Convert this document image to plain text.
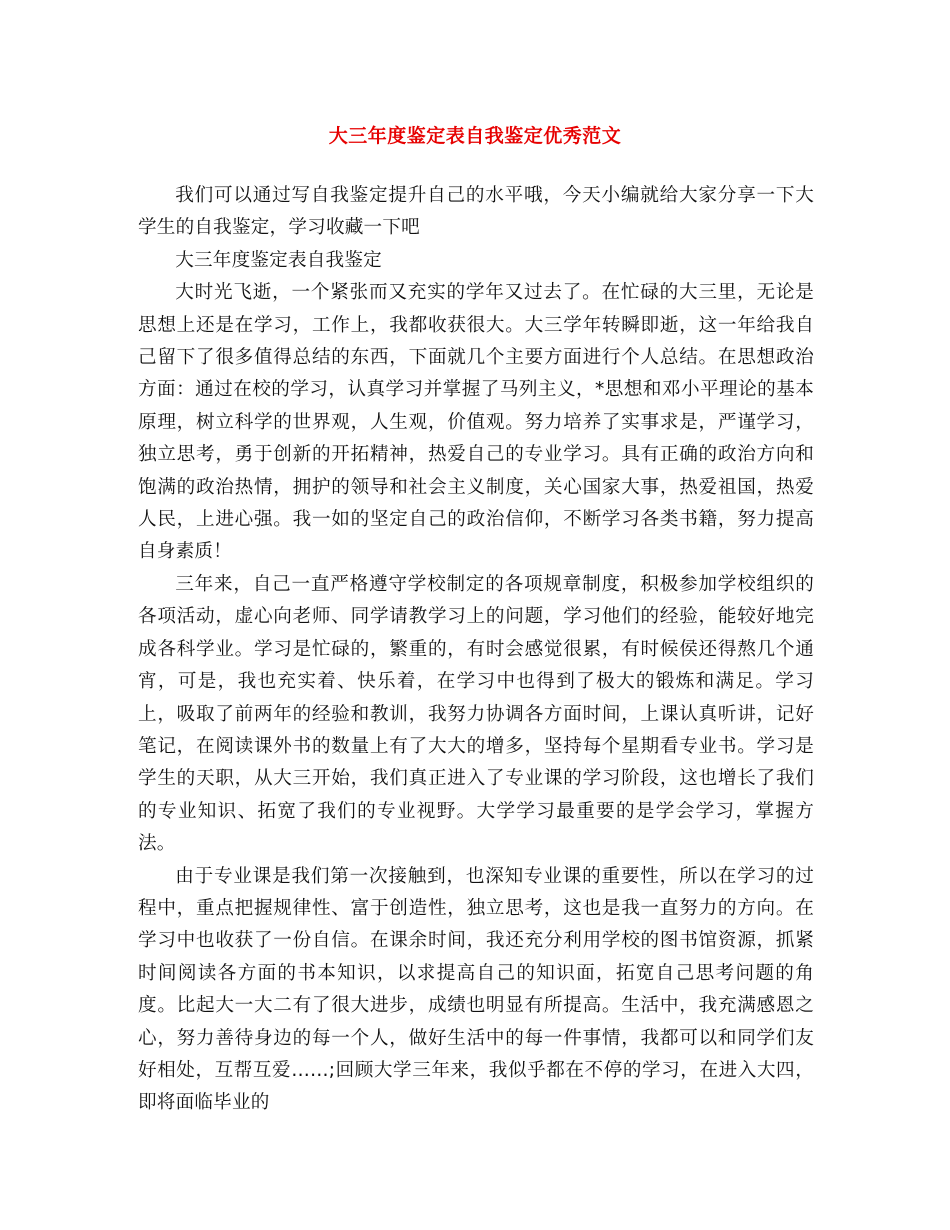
大三年度鉴定表自我鉴定优秀范文

我们可以通过写自我鉴定提升自己的水平哦，今天小编就给大家分享一下大学生的自我鉴定，学习收藏一下吧

大三年度鉴定表自我鉴定

大时光飞逝，一个紧张而又充实的学年又过去了。在忙碌的大三里，无论是思想上还是在学习，工作上，我都收获很大。大三学年转瞬即逝，这一年给我自己留下了很多值得总结的东西，下面就几个主要方面进行个人总结。在思想政治方面：通过在校的学习，认真学习并掌握了马列主义，*思想和邓小平理论的基本原理，树立科学的世界观，人生观，价值观。努力培养了实事求是，严谨学习，独立思考，勇于创新的开拓精神，热爱自己的专业学习。具有正确的政治方向和饱满的政治热情，拥护的领导和社会主义制度，关心国家大事，热爱祖国，热爱人民，上进心强。我一如的坚定自己的政治信仰，不断学习各类书籍，努力提高自身素质！

三年来，自己一直严格遵守学校制定的各项规章制度，积极参加学校组织的各项活动，虚心向老师、同学请教学习上的问题，学习他们的经验，能较好地完成各科学业。学习是忙碌的，繁重的，有时会感觉很累，有时候侯还得熬几个通宵，可是，我也充实着、快乐着，在学习中也得到了极大的锻炼和满足。学习上，吸取了前两年的经验和教训，我努力协调各方面时间，上课认真听讲，记好笔记，在阅读课外书的数量上有了大大的增多，坚持每个星期看专业书。学习是学生的天职，从大三开始，我们真正进入了专业课的学习阶段，这也增长了我们的专业知识、拓宽了我们的专业视野。大学学习最重要的是学会学习，掌握方法。

由于专业课是我们第一次接触到，也深知专业课的重要性，所以在学习的过程中，重点把握规律性、富于创造性，独立思考，这也是我一直努力的方向。在学习中也收获了一份自信。在课余时间，我还充分利用学校的图书馆资源，抓紧时间阅读各方面的书本知识，以求提高自己的知识面，拓宽自己思考问题的角度。比起大一大二有了很大进步，成绩也明显有所提高。生活中，我充满感恩之心，努力善待身边的每一个人，做好生活中的每一件事情，我都可以和同学们友好相处，互帮互爱……;回顾大学三年来，我似乎都在不停的学习，在进入大四，即将面临毕业的
